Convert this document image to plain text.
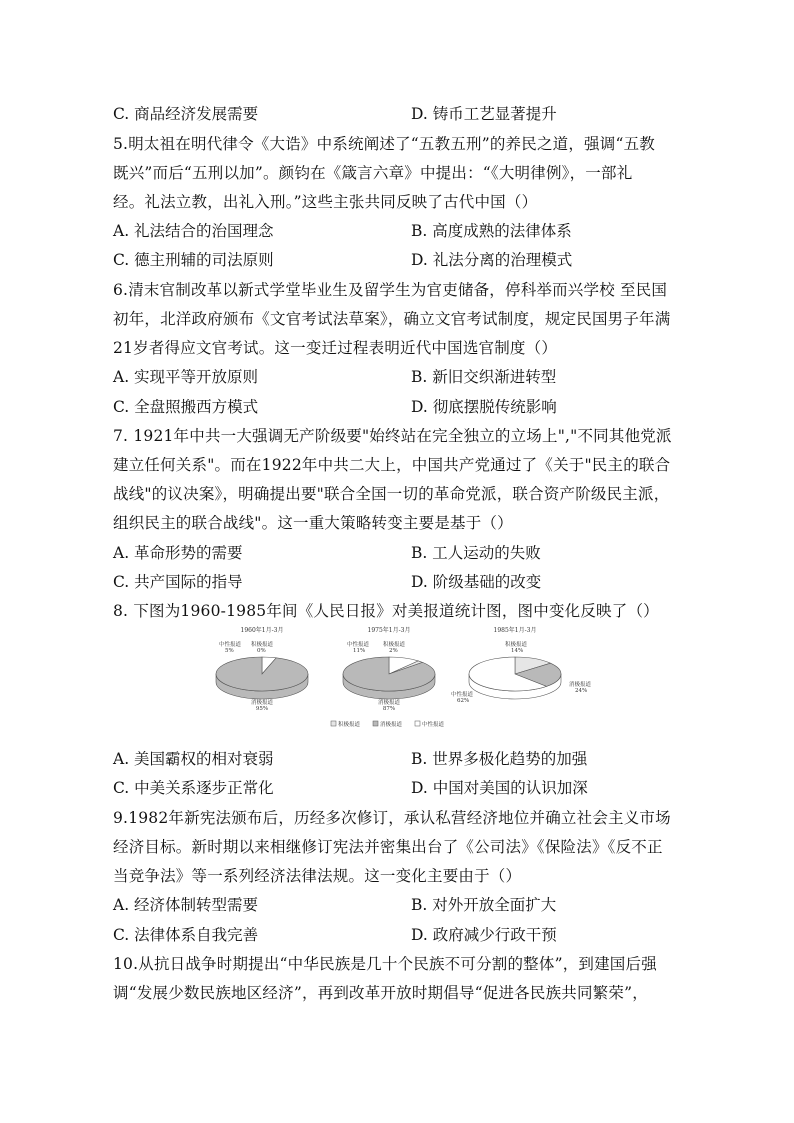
C. 商品经济发展需要	D. 铸币工艺显著提升
5.明太祖在明代律令《大诰》中系统阐述了“五教五刑”的养民之道，强调“五教
既兴”而后“五刑以加”。颜钧在《箴言六章》中提出：“《大明律例》，一部礼
经。礼法立教，出礼入刑。”这些主张共同反映了古代中国（）
A. 礼法结合的治国理念	B. 高度成熟的法律体系
C. 德主刑辅的司法原则	D. 礼法分离的治理模式
6.清末官制改革以新式学堂毕业生及留学生为官吏储备，停科举而兴学校 至民国
初年，北洋政府颁布《文官考试法草案》，确立文官考试制度，规定民国男子年满
21岁者得应文官考试。这一变迁过程表明近代中国选官制度（）
A. 实现平等开放原则	B. 新旧交织渐进转型
C. 全盘照搬西方模式	D. 彻底摆脱传统影响
7. 1921年中共一大强调无产阶级要"始终站在完全独立的立场上","不同其他党派
建立任何关系"。而在1922年中共二大上，中国共产党通过了《关于"民主的联合
战线"的议决案》，明确提出要"联合全国一切的革命党派，联合资产阶级民主派，
组织民主的联合战线"。这一重大策略转变主要是基于（）
A. 革命形势的需要	B. 工人运动的失败
C. 共产国际的指导	D. 阶级基础的改变
8. 下图为1960-1985年间《人民日报》对美报道统计图，图中变化反映了（）
1960年1月-3月
中性报道
5%
积极报道
0%
消极报道
95%
1975年1月-3月
中性报道
11%
积极报道
2%
消极报道
87%
1985年1月-3月
积极报道
14%
消极报道
24%
中性报道
62%
积极报道	消极报道	中性报道
A. 美国霸权的相对衰弱	B. 世界多极化趋势的加强
C. 中美关系逐步正常化	D. 中国对美国的认识加深
9.1982年新宪法颁布后，历经多次修订，承认私营经济地位并确立社会主义市场
经济目标。新时期以来相继修订宪法并密集出台了《公司法》《保险法》《反不正
当竞争法》等一系列经济法律法规。这一变化主要由于（）
A. 经济体制转型需要	B. 对外开放全面扩大
C. 法律体系自我完善	D. 政府减少行政干预
10.从抗日战争时期提出“中华民族是几十个民族不可分割的整体”，到建国后强
调“发展少数民族地区经济”，再到改革开放时期倡导“促进各民族共同繁荣”，
